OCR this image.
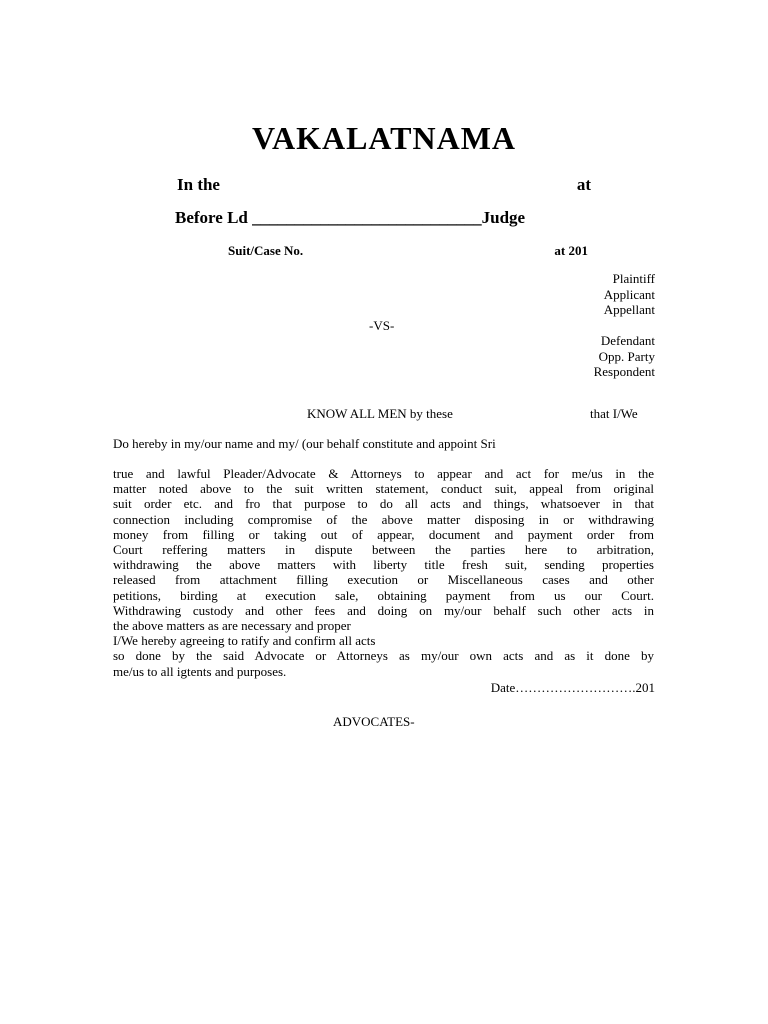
VAKALATNAMA
In the	at
Before Ld ___________________________Judge
Suit/Case No.	at 201
Plaintiff
Applicant
Appellant
-VS-
Defendant
Opp. Party
Respondent
KNOW ALL MEN by these	that I/We
Do hereby in my/our name and my/ (our behalf constitute and appoint Sri
true and lawful Pleader/Advocate & Attorneys to appear and act for me/us in the
matter noted above to the suit written statement, conduct suit, appeal from original
suit order etc. and fro that purpose to do all acts and things, whatsoever in that
connection including compromise of the above matter disposing in or withdrawing
money from filling or taking out of appear, document and payment order from
Court reffering matters in dispute between the parties here to arbitration,
withdrawing the above matters with liberty title fresh suit, sending properties
released from attachment filling execution or Miscellaneous cases and other
petitions, birding at execution sale, obtaining payment from us our Court.
Withdrawing custody and other fees and doing on my/our behalf such other acts in
the above matters as are necessary and proper
I/We hereby agreeing to ratify and confirm all acts
so done by the said Advocate or Attorneys as my/our own acts and as it done by
me/us to all igtents and purposes.
Date……………………….201
ADVOCATES-
